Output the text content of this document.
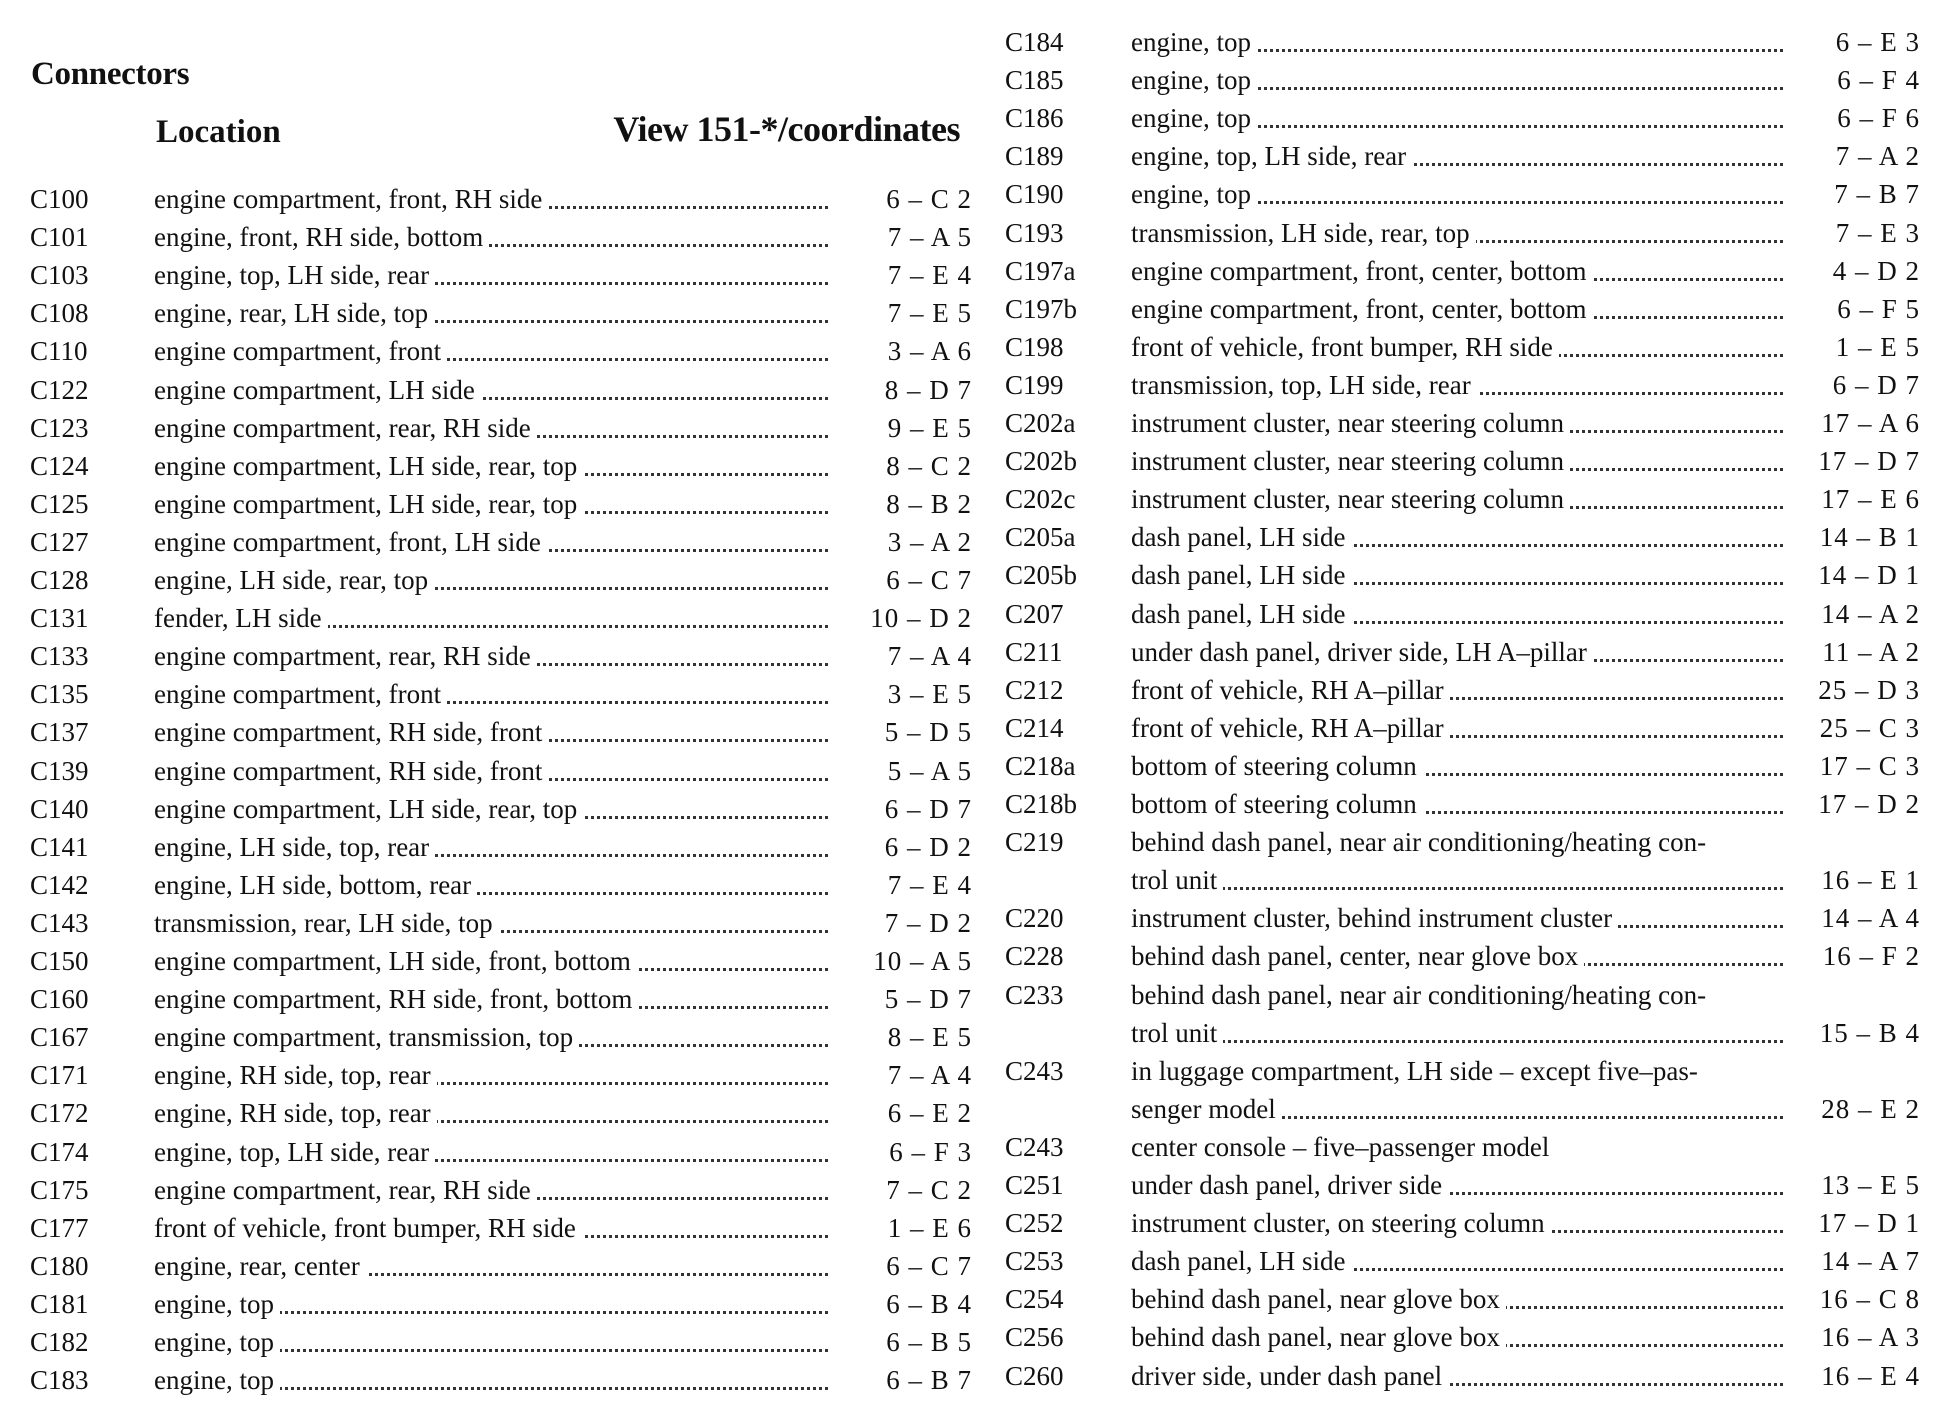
Connectors
Location	View 151-*/coordinates
C100 engine compartment, front, RH side	6 – C 2
C101 engine, front, RH side, bottom	7 – A 5
C103 engine, top, LH side, rear	7 – E 4
C108 engine, rear, LH side, top	7 – E 5
C110 engine compartment, front	3 – A 6
C122 engine compartment, LH side	8 – D 7
C123 engine compartment, rear, RH side	9 – E 5
C124 engine compartment, LH side, rear, top	8 – C 2
C125 engine compartment, LH side, rear, top	8 – B 2
C127 engine compartment, front, LH side	3 – A 2
C128 engine, LH side, rear, top	6 – C 7
C131 fender, LH side	10 – D 2
C133 engine compartment, rear, RH side	7 – A 4
C135 engine compartment, front	3 – E 5
C137 engine compartment, RH side, front	5 – D 5
C139 engine compartment, RH side, front	5 – A 5
C140 engine compartment, LH side, rear, top	6 – D 7
C141 engine, LH side, top, rear	6 – D 2
C142 engine, LH side, bottom, rear	7 – E 4
C143 transmission, rear, LH side, top	7 – D 2
C150 engine compartment, LH side, front, bottom	10 – A 5
C160 engine compartment, RH side, front, bottom	5 – D 7
C167 engine compartment, transmission, top	8 – E 5
C171 engine, RH side, top, rear	7 – A 4
C172 engine, RH side, top, rear	6 – E 2
C174 engine, top, LH side, rear	6 – F 3
C175 engine compartment, rear, RH side	7 – C 2
C177 front of vehicle, front bumper, RH side	1 – E 6
C180 engine, rear, center	6 – C 7
C181 engine, top	6 – B 4
C182 engine, top	6 – B 5
C183 engine, top	6 – B 7
C184 engine, top	6 – E 3
C185 engine, top	6 – F 4
C186 engine, top	6 – F 6
C189 engine, top, LH side, rear	7 – A 2
C190 engine, top	7 – B 7
C193 transmission, LH side, rear, top	7 – E 3
C197a engine compartment, front, center, bottom	4 – D 2
C197b engine compartment, front, center, bottom	6 – F 5
C198 front of vehicle, front bumper, RH side	1 – E 5
C199 transmission, top, LH side, rear	6 – D 7
C202a instrument cluster, near steering column	17 – A 6
C202b instrument cluster, near steering column	17 – D 7
C202c instrument cluster, near steering column	17 – E 6
C205a dash panel, LH side	14 – B 1
C205b dash panel, LH side	14 – D 1
C207 dash panel, LH side	14 – A 2
C211	under dash panel, driver side, LH A–pillar	11 – A 2
C212 front of vehicle, RH A–pillar	25 – D 3
C214 front of vehicle, RH A–pillar	25 – C 3
C218a bottom of steering column	17 – C 3
C218b bottom of steering column	17 – D 2
C219 behind dash panel, near air conditioning/heating con-
trol unit	16 – E 1
C220 instrument cluster, behind instrument cluster	14 – A 4
C228 behind dash panel, center, near glove box	16 – F 2
C233 behind dash panel, near air conditioning/heating con-
trol unit	15 – B 4
C243 in luggage compartment, LH side – except five–pas-
senger model	28 – E 2
C243 center console – five–passenger model
C251 under dash panel, driver side	13 – E 5
C252 instrument cluster, on steering column	17 – D 1
C253 dash panel, LH side	14 – A 7
C254 behind dash panel, near glove box	16 – C 8
C256 behind dash panel, near glove box	16 – A 3
C260 driver side, under dash panel	16 – E 4
